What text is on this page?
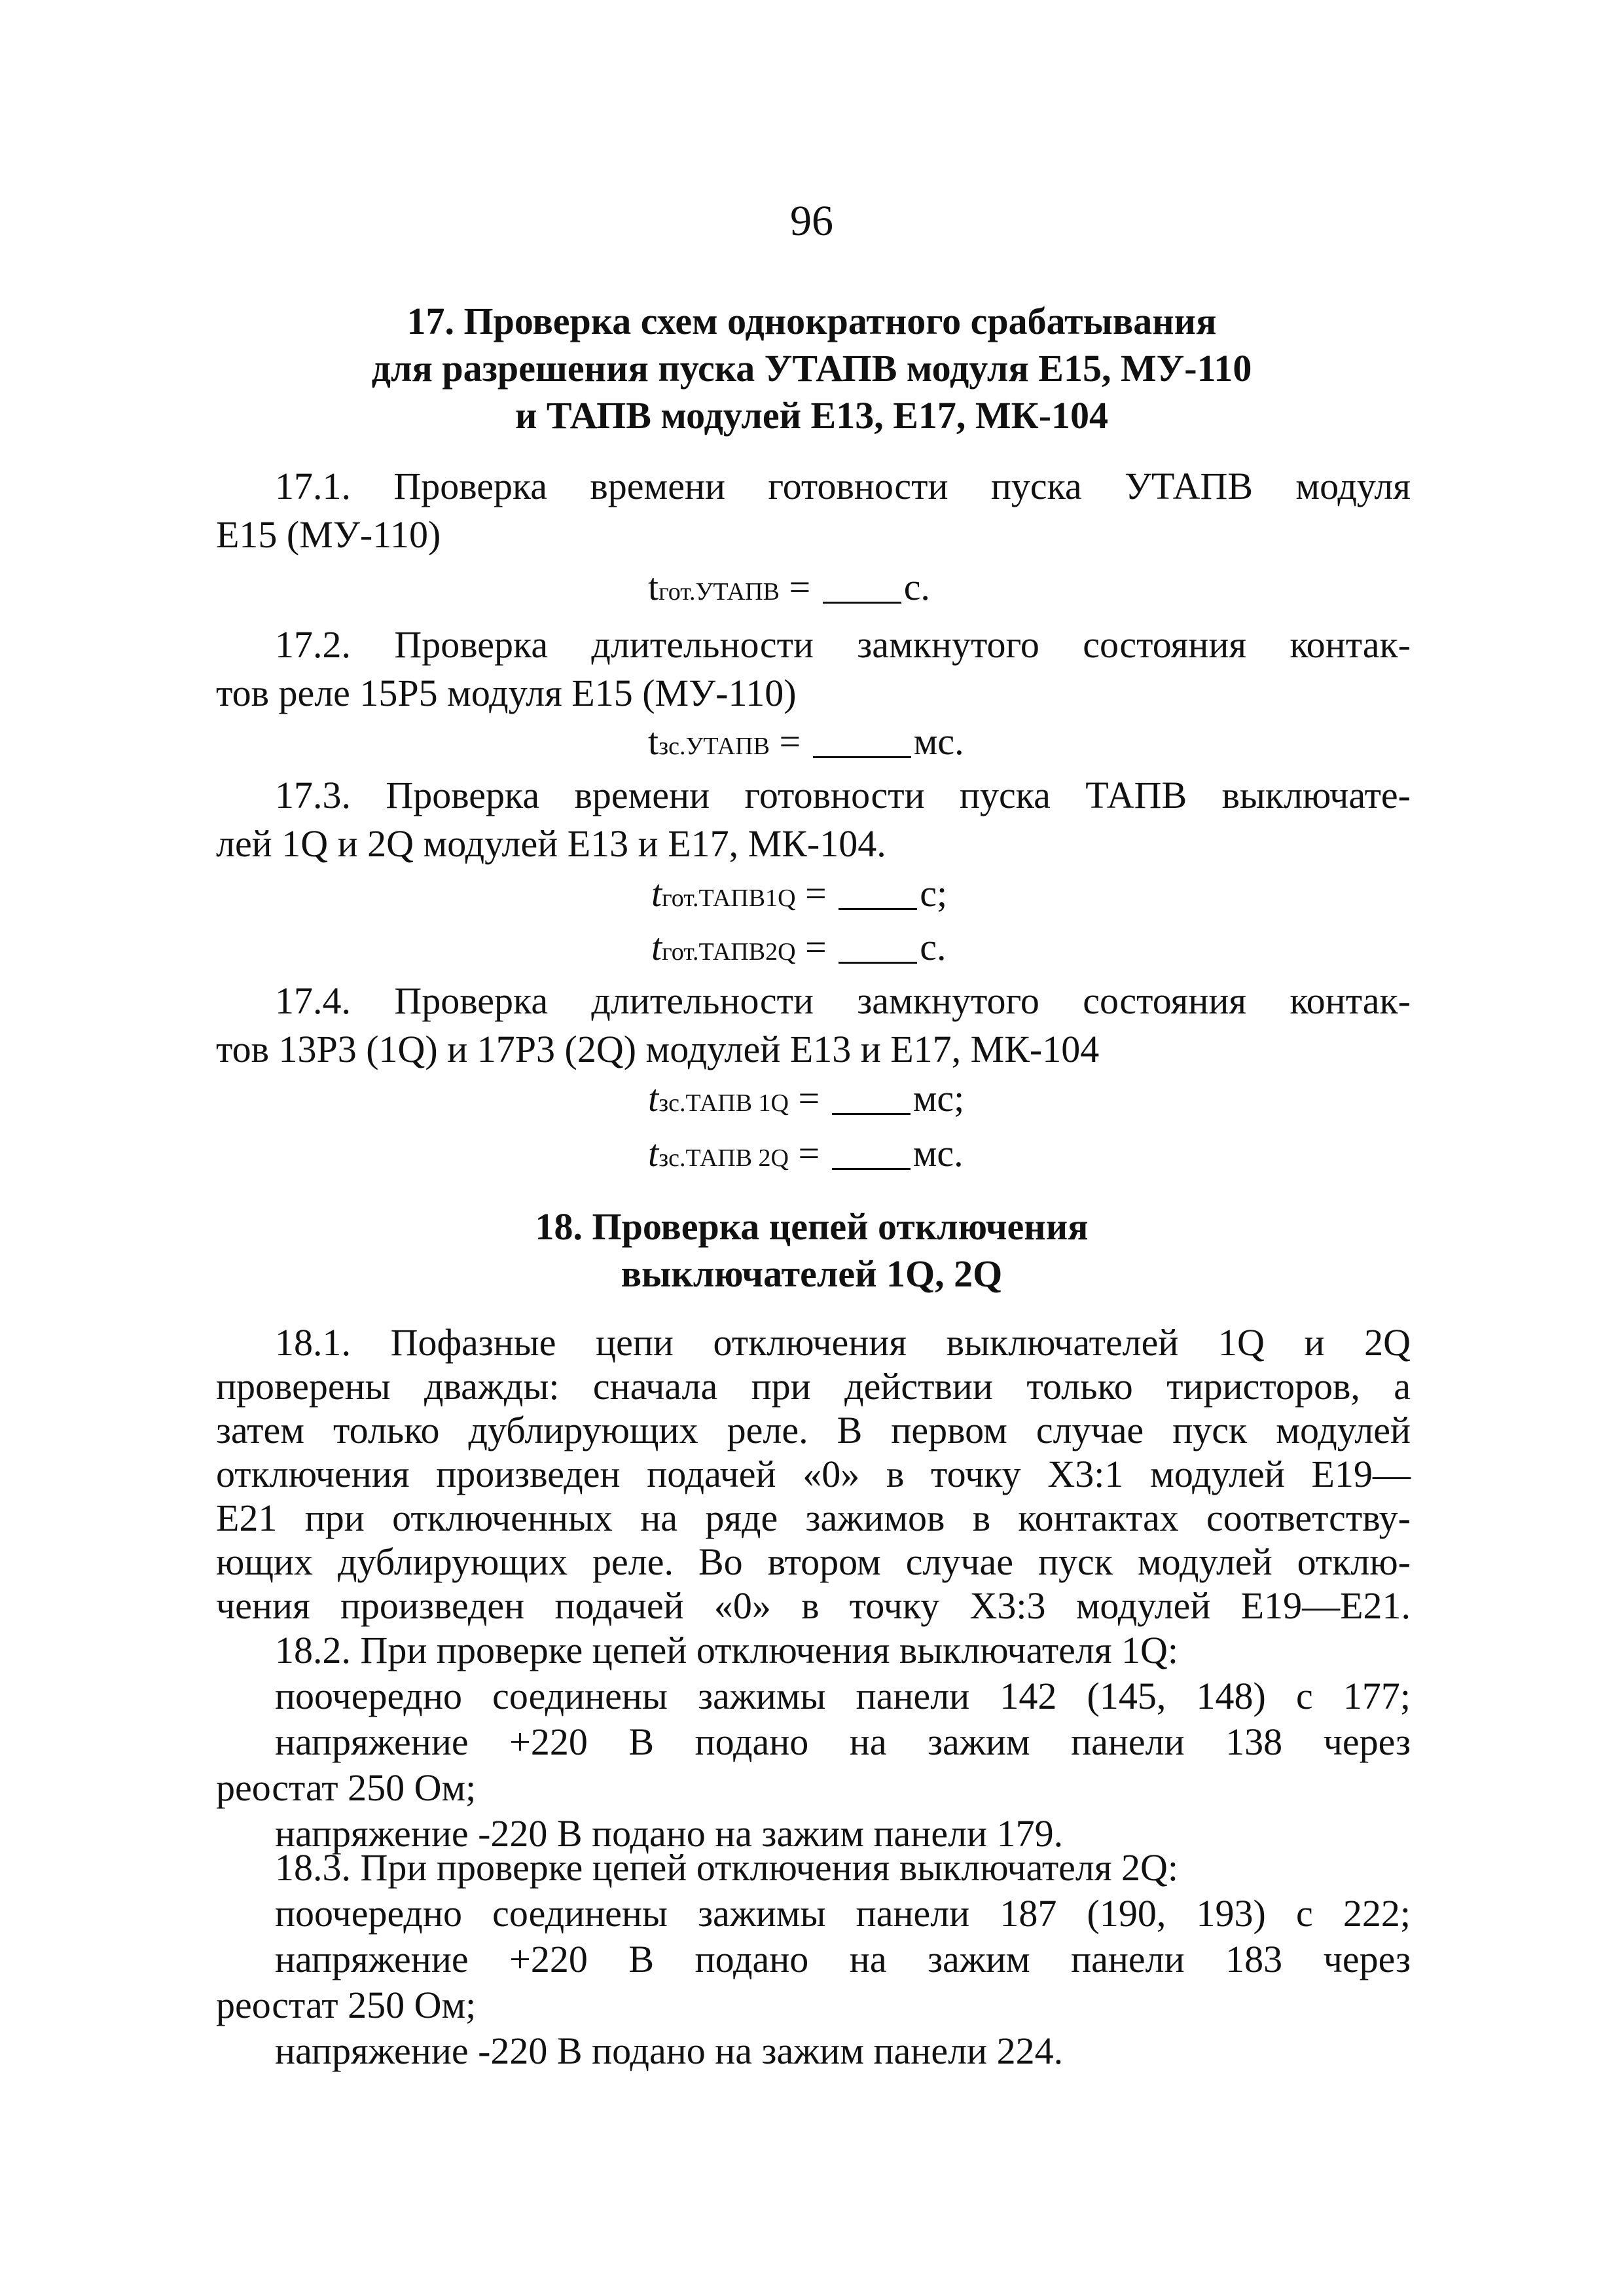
96
17. Проверка схем однократного срабатывания
для разрешения пуска УТАПВ модуля Е15, МУ-110
и ТАПВ модулей Е13, Е17, МК-104
17.1. Проверка времени готовности пуска УТАПВ модуля
Е15 (МУ-110)
tгот.УТАПВ = с.
17.2. Проверка длительности замкнутого состояния контак-
тов реле 15Р5 модуля Е15 (МУ-110)
tзс.УТАПВ =	мс.
17.3. Проверка времени готовности пуска ТАПВ выключате-
лей 1Q и 2Q модулей Е13 и Е17, МК-104.
tгот.ТАПВ1Q = с;
tгот.ТАПВ2Q = с.
17.4. Проверка длительности замкнутого состояния контак-
тов 13Р3 (1Q) и 17Р3 (2Q) модулей Е13 и Е17, МК-104
tзс.ТАПВ 1Q = мс;
tзс.ТАПВ 2Q = мс.
18. Проверка цепей отключения
выключателей 1Q, 2Q
18.1. Пофазные цепи отключения выключателей 1Q и 2Q
проверены дважды: сначала при действии только тиристоров, а
затем только дублирующих реле. В первом случае пуск модулей
отключения произведен подачей «0» в точку Х3:1 модулей Е19—
Е21 при отключенных на ряде зажимов в контактах соответству-
ющих дублирующих реле. Во втором случае пуск модулей отклю-
чения произведен подачей «0» в точку Х3:3 модулей Е19—Е21.
18.2. При проверке цепей отключения выключателя 1Q:
поочередно соединены зажимы панели 142 (145, 148) с 177;
напряжение +220 В подано на зажим панели 138 через
реостат 250 Ом;
напряжение -220 В подано на зажим панели 179.
18.3. При проверке цепей отключения выключателя 2Q:
поочередно соединены зажимы панели 187 (190, 193) с 222;
напряжение +220 В подано на зажим панели 183 через
реостат 250 Ом;
напряжение -220 В подано на зажим панели 224.
